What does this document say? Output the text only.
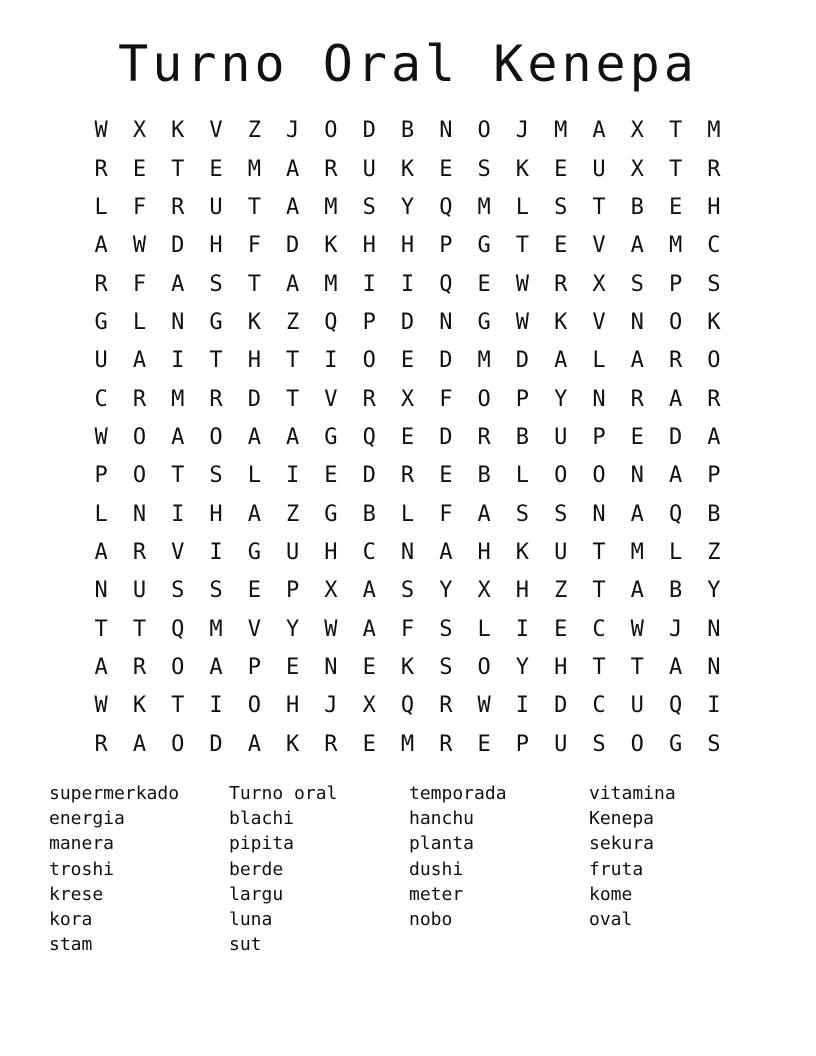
Turno Oral Kenepa
W	X	K	V	Z	J	O	D	B	N	O	J	M	A	X	T	M
R	E	T	E	M	A	R	U	K	E	S	K	E	U	X	T	R
L	F	R	U	T	A	M	S	Y	Q	M	L	S	T	B	E	H
A	W	D	H	F	D	K	H	H	P	G	T	E	V	A	M	C
R	F	A	S	T	A	M	I	I	Q	E	W	R	X	S	P	S
G	L	N	G	K	Z	Q	P	D	N	G	W	K	V	N	O	K
U	A	I	T	H	T	I	O	E	D	M	D	A	L	A	R	O
C	R	M	R	D	T	V	R	X	F	O	P	Y	N	R	A	R
W	O	A	O	A	A	G	Q	E	D	R	B	U	P	E	D	A
P	O	T	S	L	I	E	D	R	E	B	L	O	O	N	A	P
L	N	I	H	A	Z	G	B	L	F	A	S	S	N	A	Q	B
A	R	V	I	G	U	H	C	N	A	H	K	U	T	M	L	Z
N	U	S	S	E	P	X	A	S	Y	X	H	Z	T	A	B	Y
T	T	Q	M	V	Y	W	A	F	S	L	I	E	C	W	J	N
A	R	O	A	P	E	N	E	K	S	O	Y	H	T	T	A	N
W	K	T	I	O	H	J	X	Q	R	W	I	D	C	U	Q	I
R	A	O	D	A	K	R	E	M	R	E	P	U	S	O	G	S
supermerkado	Turno oral	temporada	vitamina
energia	blachi	hanchu	Kenepa
manera	pipita	planta	sekura
troshi	berde	dushi	fruta
krese	largu	meter	kome
kora	luna	nobo	oval
stam	sut
